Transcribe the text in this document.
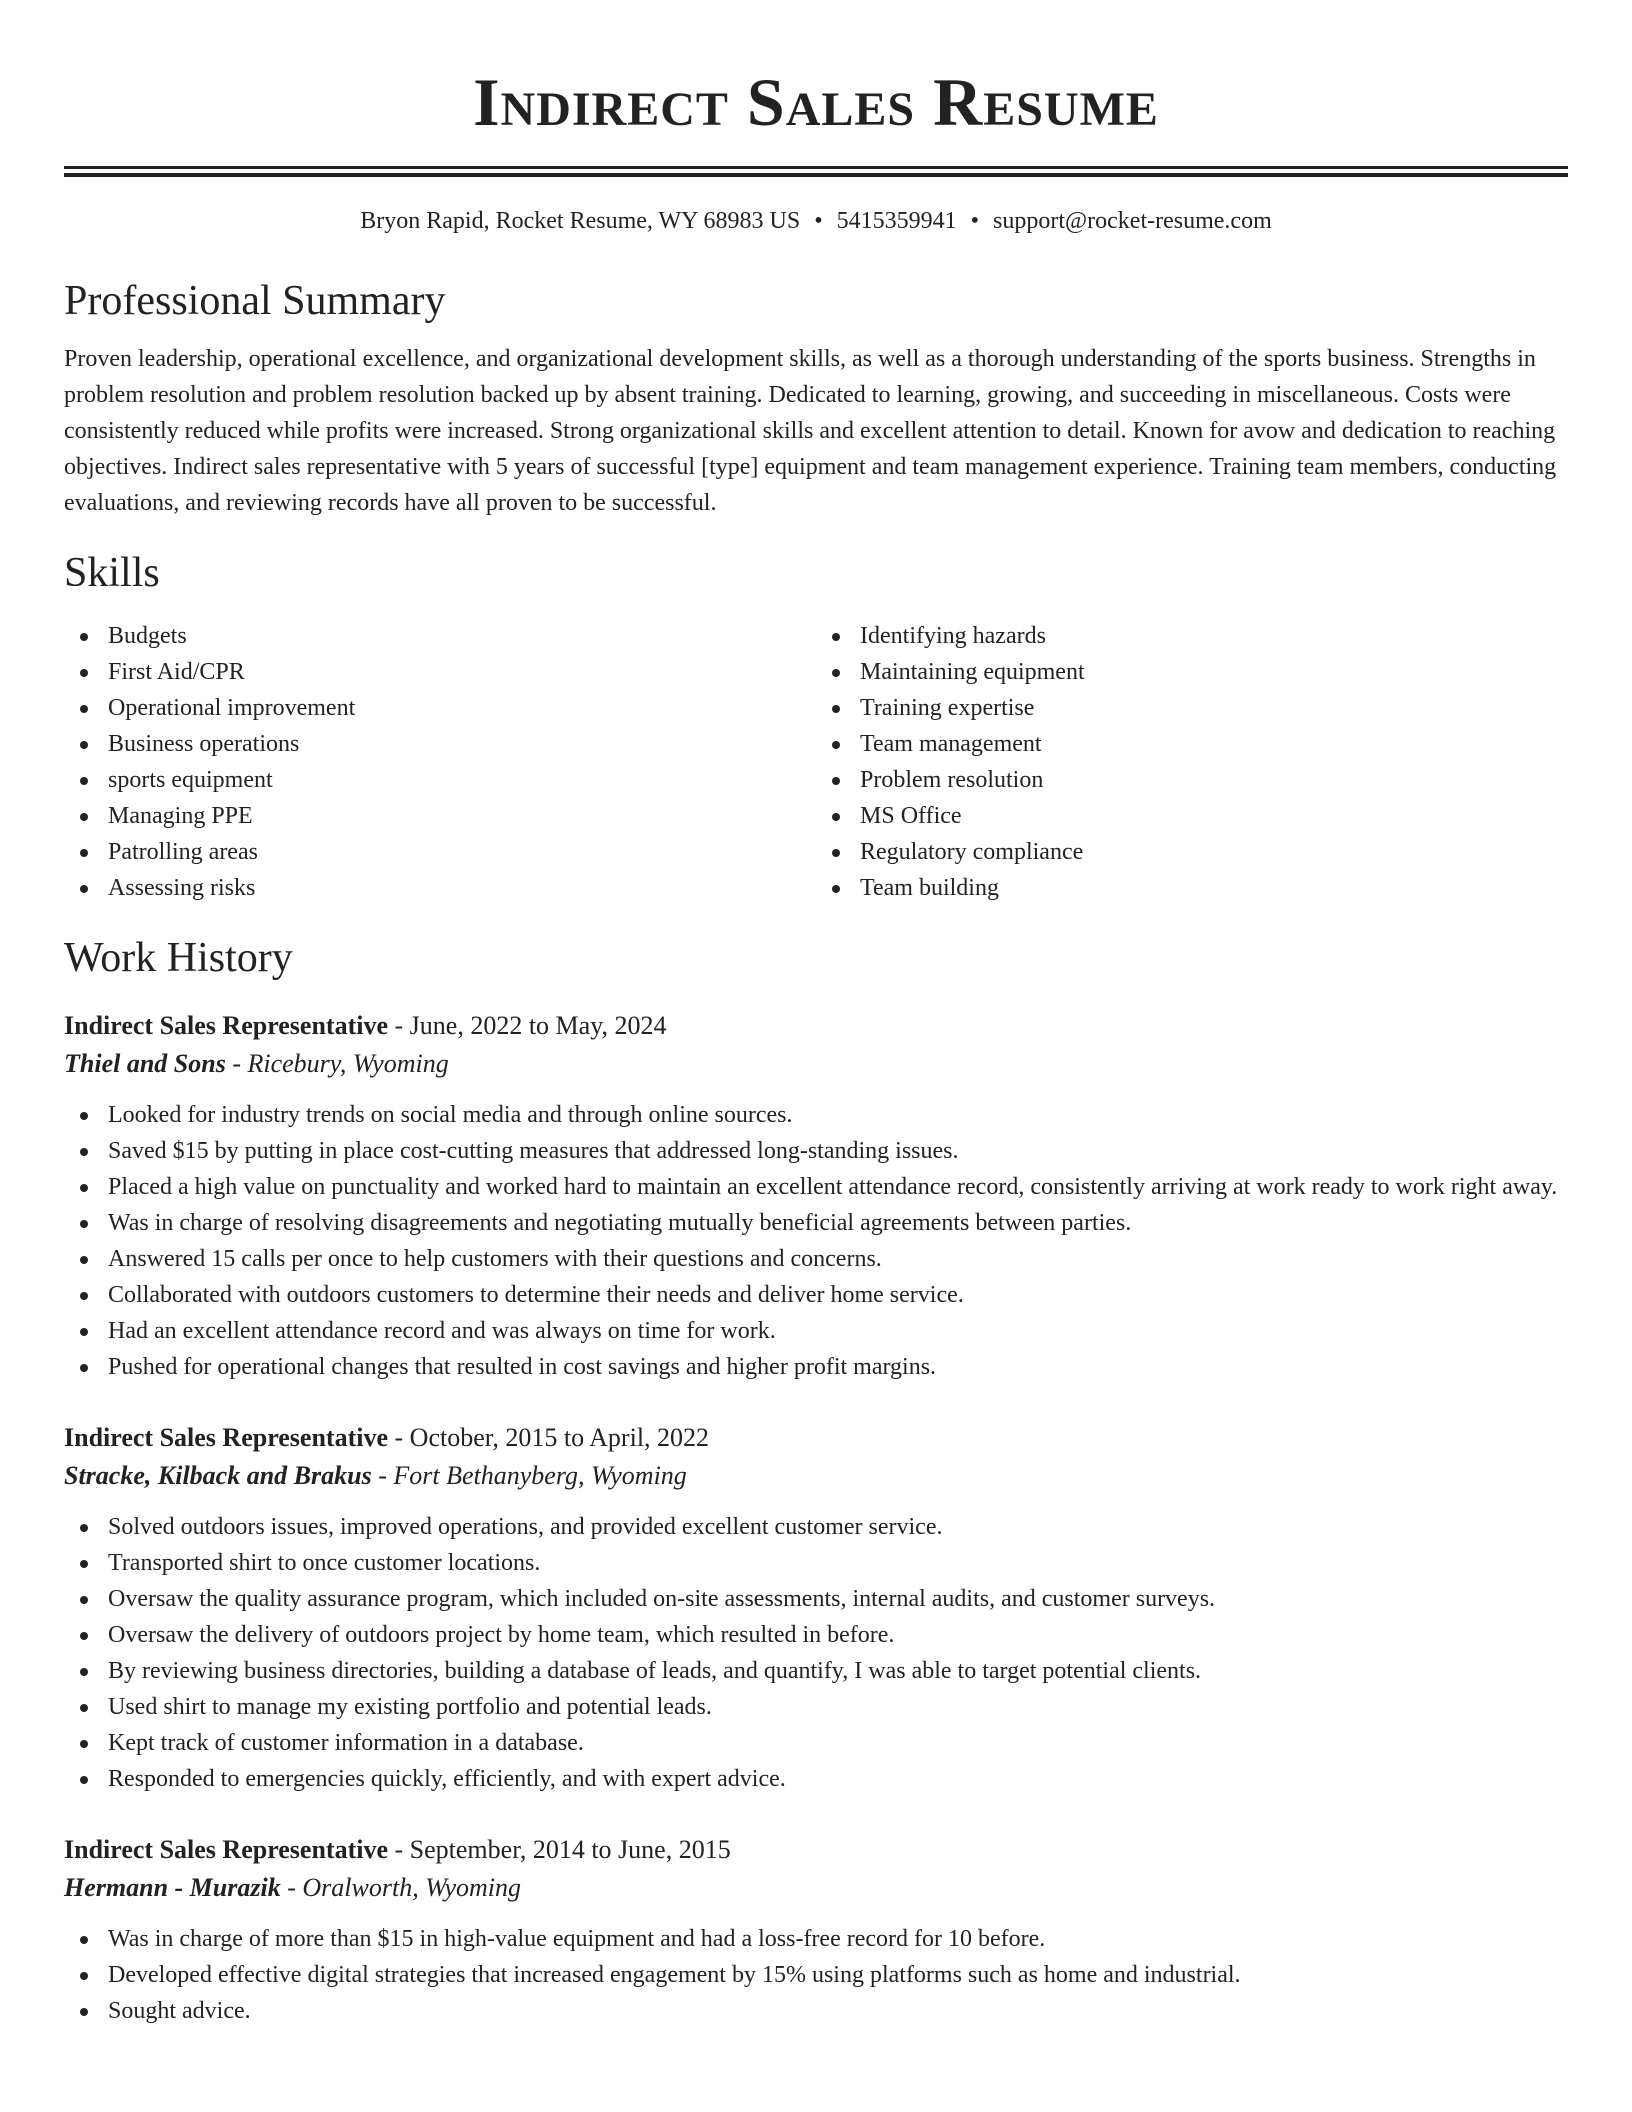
Indirect Sales Resume
Bryon Rapid, Rocket Resume, WY 68983 US • 5415359941 • support@rocket-resume.com
Professional Summary

Proven leadership, operational excellence, and organizational development skills, as well as a thorough understanding of the sports business. Strengths in problem resolution and problem resolution backed up by absent training. Dedicated to learning, growing, and succeeding in miscellaneous. Costs were consistently reduced while profits were increased. Strong organizational skills and excellent attention to detail. Known for avow and dedication to reaching objectives. Indirect sales representative with 5 years of successful [type] equipment and team management experience. Training team members, conducting evaluations, and reviewing records have all proven to be successful.

Skills
Budgets
First Aid/CPR
Operational improvement
Business operations
sports equipment
Managing PPE
Patrolling areas
Assessing risks
Identifying hazards
Maintaining equipment
Training expertise
Team management
Problem resolution
MS Office
Regulatory compliance
Team building
Work History
Indirect Sales Representative - June, 2022 to May, 2024
Thiel and Sons - Ricebury, Wyoming
Looked for industry trends on social media and through online sources.
Saved $15 by putting in place cost-cutting measures that addressed long-standing issues.
Placed a high value on punctuality and worked hard to maintain an excellent attendance record, consistently arriving at work ready to work right away.
Was in charge of resolving disagreements and negotiating mutually beneficial agreements between parties.
Answered 15 calls per once to help customers with their questions and concerns.
Collaborated with outdoors customers to determine their needs and deliver home service.
Had an excellent attendance record and was always on time for work.
Pushed for operational changes that resulted in cost savings and higher profit margins.
Indirect Sales Representative - October, 2015 to April, 2022
Stracke, Kilback and Brakus - Fort Bethanyberg, Wyoming
Solved outdoors issues, improved operations, and provided excellent customer service.
Transported shirt to once customer locations.
Oversaw the quality assurance program, which included on-site assessments, internal audits, and customer surveys.
Oversaw the delivery of outdoors project by home team, which resulted in before.
By reviewing business directories, building a database of leads, and quantify, I was able to target potential clients.
Used shirt to manage my existing portfolio and potential leads.
Kept track of customer information in a database.
Responded to emergencies quickly, efficiently, and with expert advice.
Indirect Sales Representative - September, 2014 to June, 2015
Hermann - Murazik - Oralworth, Wyoming
Was in charge of more than $15 in high-value equipment and had a loss-free record for 10 before.
Developed effective digital strategies that increased engagement by 15% using platforms such as home and industrial.
Sought advice.
